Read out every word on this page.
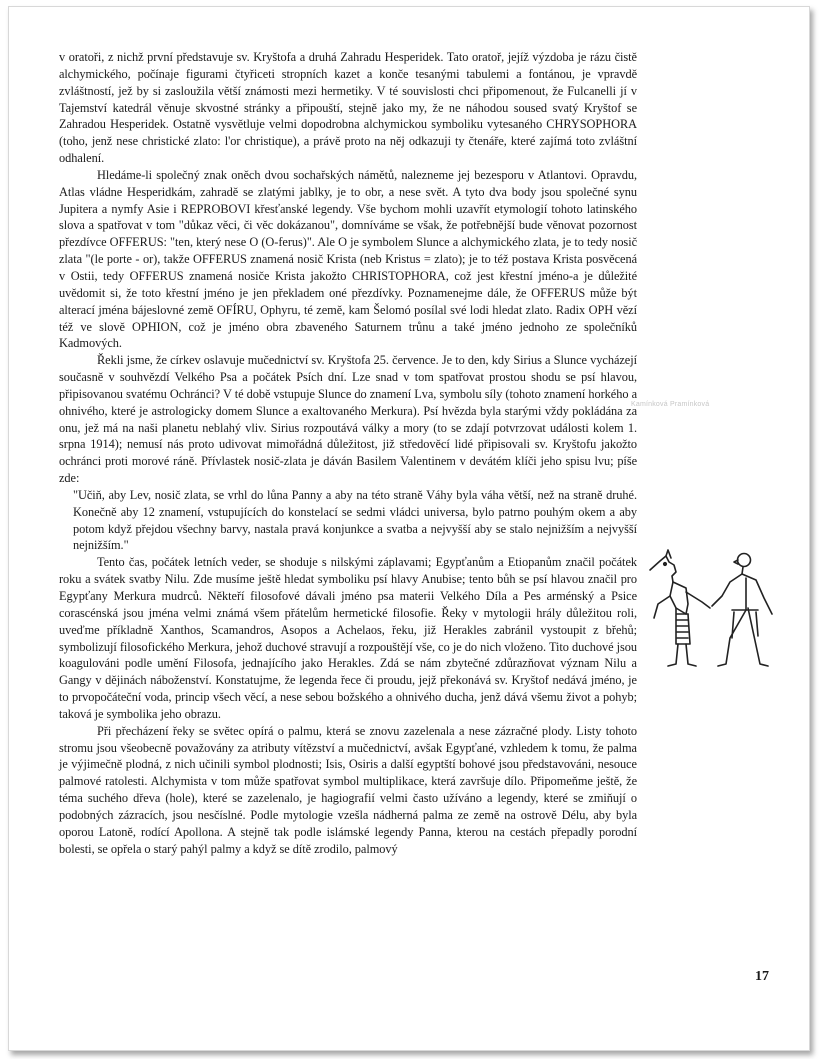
v oratoři, z nichž první představuje sv. Kryštofa a druhá Zahradu Hesperidek. Tato oratoř, jejíž výzdoba je rázu čistě alchymického, počínaje figurami čtyřiceti stropních kazet a konče tesanými tabulemi a fontánou, je vpravdě zvláštností, jež by si zasloužila větší známosti mezi hermetiky. V té souvislosti chci připomenout, že Fulcanelli jí v Tajemství katedrál věnuje skvostné stránky a připouští, stejně jako my, že ne náhodou soused svatý Kryštof se Zahradou Hesperidek. Ostatně vysvětluje velmi dopodrobna alchymickou symboliku vytesaného CHRYSOPHORA (toho, jenž nese christické zlato: l'or christique), a právě proto na něj odkazuji ty čtenáře, které zajímá toto zvláštní odhalení.

Hledáme-li společný znak oněch dvou sochařských námětů, nalezneme jej bezesporu v Atlantovi. Opravdu, Atlas vládne Hesperidkám, zahradě se zlatými jablky, je to obr, a nese svět. A tyto dva body jsou společné synu Jupitera a nymfy Asie i REPROBOVI křesťanské legendy. Vše bychom mohli uzavřít etymologií tohoto latinského slova a spatřovat v tom "důkaz věci, či věc dokázanou", domníváme se však, že potřebnější bude věnovat pozornost přezdívce OFFERUS: "ten, který nese O (O-ferus)". Ale O je symbolem Slunce a alchymického zlata, je to tedy nosič zlata "(le porte - or), takže OFFERUS znamená nosič Krista (neb Kristus = zlato); je to též postava Krista posvěcená v Ostii, tedy OFFERUS znamená nosiče Krista jakožto CHRISTOPHORA, což jest křestní jméno-a je důležité uvědomit si, že toto křestní jméno je jen překladem oné přezdívky. Poznamenejme dále, že OFFERUS může být alterací jména bájeslovné země OFÍRU, Ophyru, té země, kam Šelomó posílal své lodi hledat zlato. Radix OPH vězí též ve slově OPHION, což je jméno obra zbaveného Saturnem trůnu a také jméno jednoho ze společníků Kadmových.

Řekli jsme, že církev oslavuje mučednictví sv. Kryštofa 25. července. Je to den, kdy Sirius a Slunce vycházejí současně v souhvězdí Velkého Psa a počátek Psích dní. Lze snad v tom spatřovat prostou shodu se psí hlavou, připisovanou svatému Ochránci? V té době vstupuje Slunce do znamení Lva, symbolu síly (tohoto znamení horkého a ohnivého, které je astrologicky domem Slunce a exaltovaného Merkura). Psí hvězda byla starými vždy pokládána za onu, jež má na naši planetu neblahý vliv. Sirius rozpoutává války a mory (to se zdají potvrzovat události kolem 1. srpna 1914); nemusí nás proto udivovat mimořádná důležitost, již středověcí lidé připisovali sv. Kryštofu jakožto ochránci proti morové ráně. Přívlastek nosič-zlata je dáván Basilem Valentinem v devátém klíči jeho spisu lvu; píše zde:

"Učiň, aby Lev, nosič zlata, se vrhl do lůna Panny a aby na této straně Váhy byla váha větší, než na straně druhé. Konečně aby 12 znamení, vstupujících do konstelací se sedmi vládci universa, bylo patrno pouhým okem a aby potom když přejdou všechny barvy, nastala pravá konjunkce a svatba a nejvyšší aby se stalo nejnižším a nejvyšší nejnižším."

Tento čas, počátek letních veder, se shoduje s nilskými záplavami; Egypťanům a Etiopanům značil počátek roku a svátek svatby Nilu. Zde musíme ještě hledat symboliku psí hlavy Anubise; tento bůh se psí hlavou značil pro Egypťany Merkura mudrců. Někteří filosofové dávali jméno psa materii Velkého Díla a Pes arménský a Psice corascénská jsou jména velmi známá všem přátelům hermetické filosofie. Řeky v mytologii hrály důležitou roli, uveďme příkladně Xanthos, Scamandros, Asopos a Achelaos, řeku, již Herakles zabránil vystoupit z břehů; symbolizují filosofického Merkura, jehož duchové stravují a rozpouštějí vše, co je do nich vloženo. Tito duchové jsou koagulováni podle umění Filosofa, jednajícího jako Herakles. Zdá se nám zbytečné zdůrazňovat význam Nilu a Gangy v dějinách náboženství. Konstatujme, že legenda řece či proudu, jejž překonává sv. Kryštof nedává jméno, je to prvopočáteční voda, princip všech věcí, a nese sebou božského a ohnivého ducha, jenž dává všemu život a pohyb; taková je symbolika jeho obrazu.

Při přecházení řeky se světec opírá o palmu, která se znovu zazelenala a nese zázračné plody. Listy tohoto stromu jsou všeobecně považovány za atributy vítězství a mučednictví, avšak Egypťané, vzhledem k tomu, že palma je výjimečně plodná, z nich učinili symbol plodnosti; Isis, Osiris a další egyptští bohové jsou představováni, nesouce palmové ratolesti. Alchymista v tom může spatřovat symbol multiplikace, která završuje dílo. Připomeňme ještě, že téma suchého dřeva (hole), které se zazelenalo, je hagiografií velmi často užíváno a legendy, které se zmiňují o podobných zázracích, jsou nesčíslné. Podle mytologie vzešla nádherná palma ze země na ostrově Délu, aby byla oporou Latoně, rodící Apollona. A stejně tak podle islámské legendy Panna, kterou na cestách přepadly porodní bolesti, se opřela o starý pahýl palmy a když se dítě zrodilo, palmový

Kamínková Pramínková
17
